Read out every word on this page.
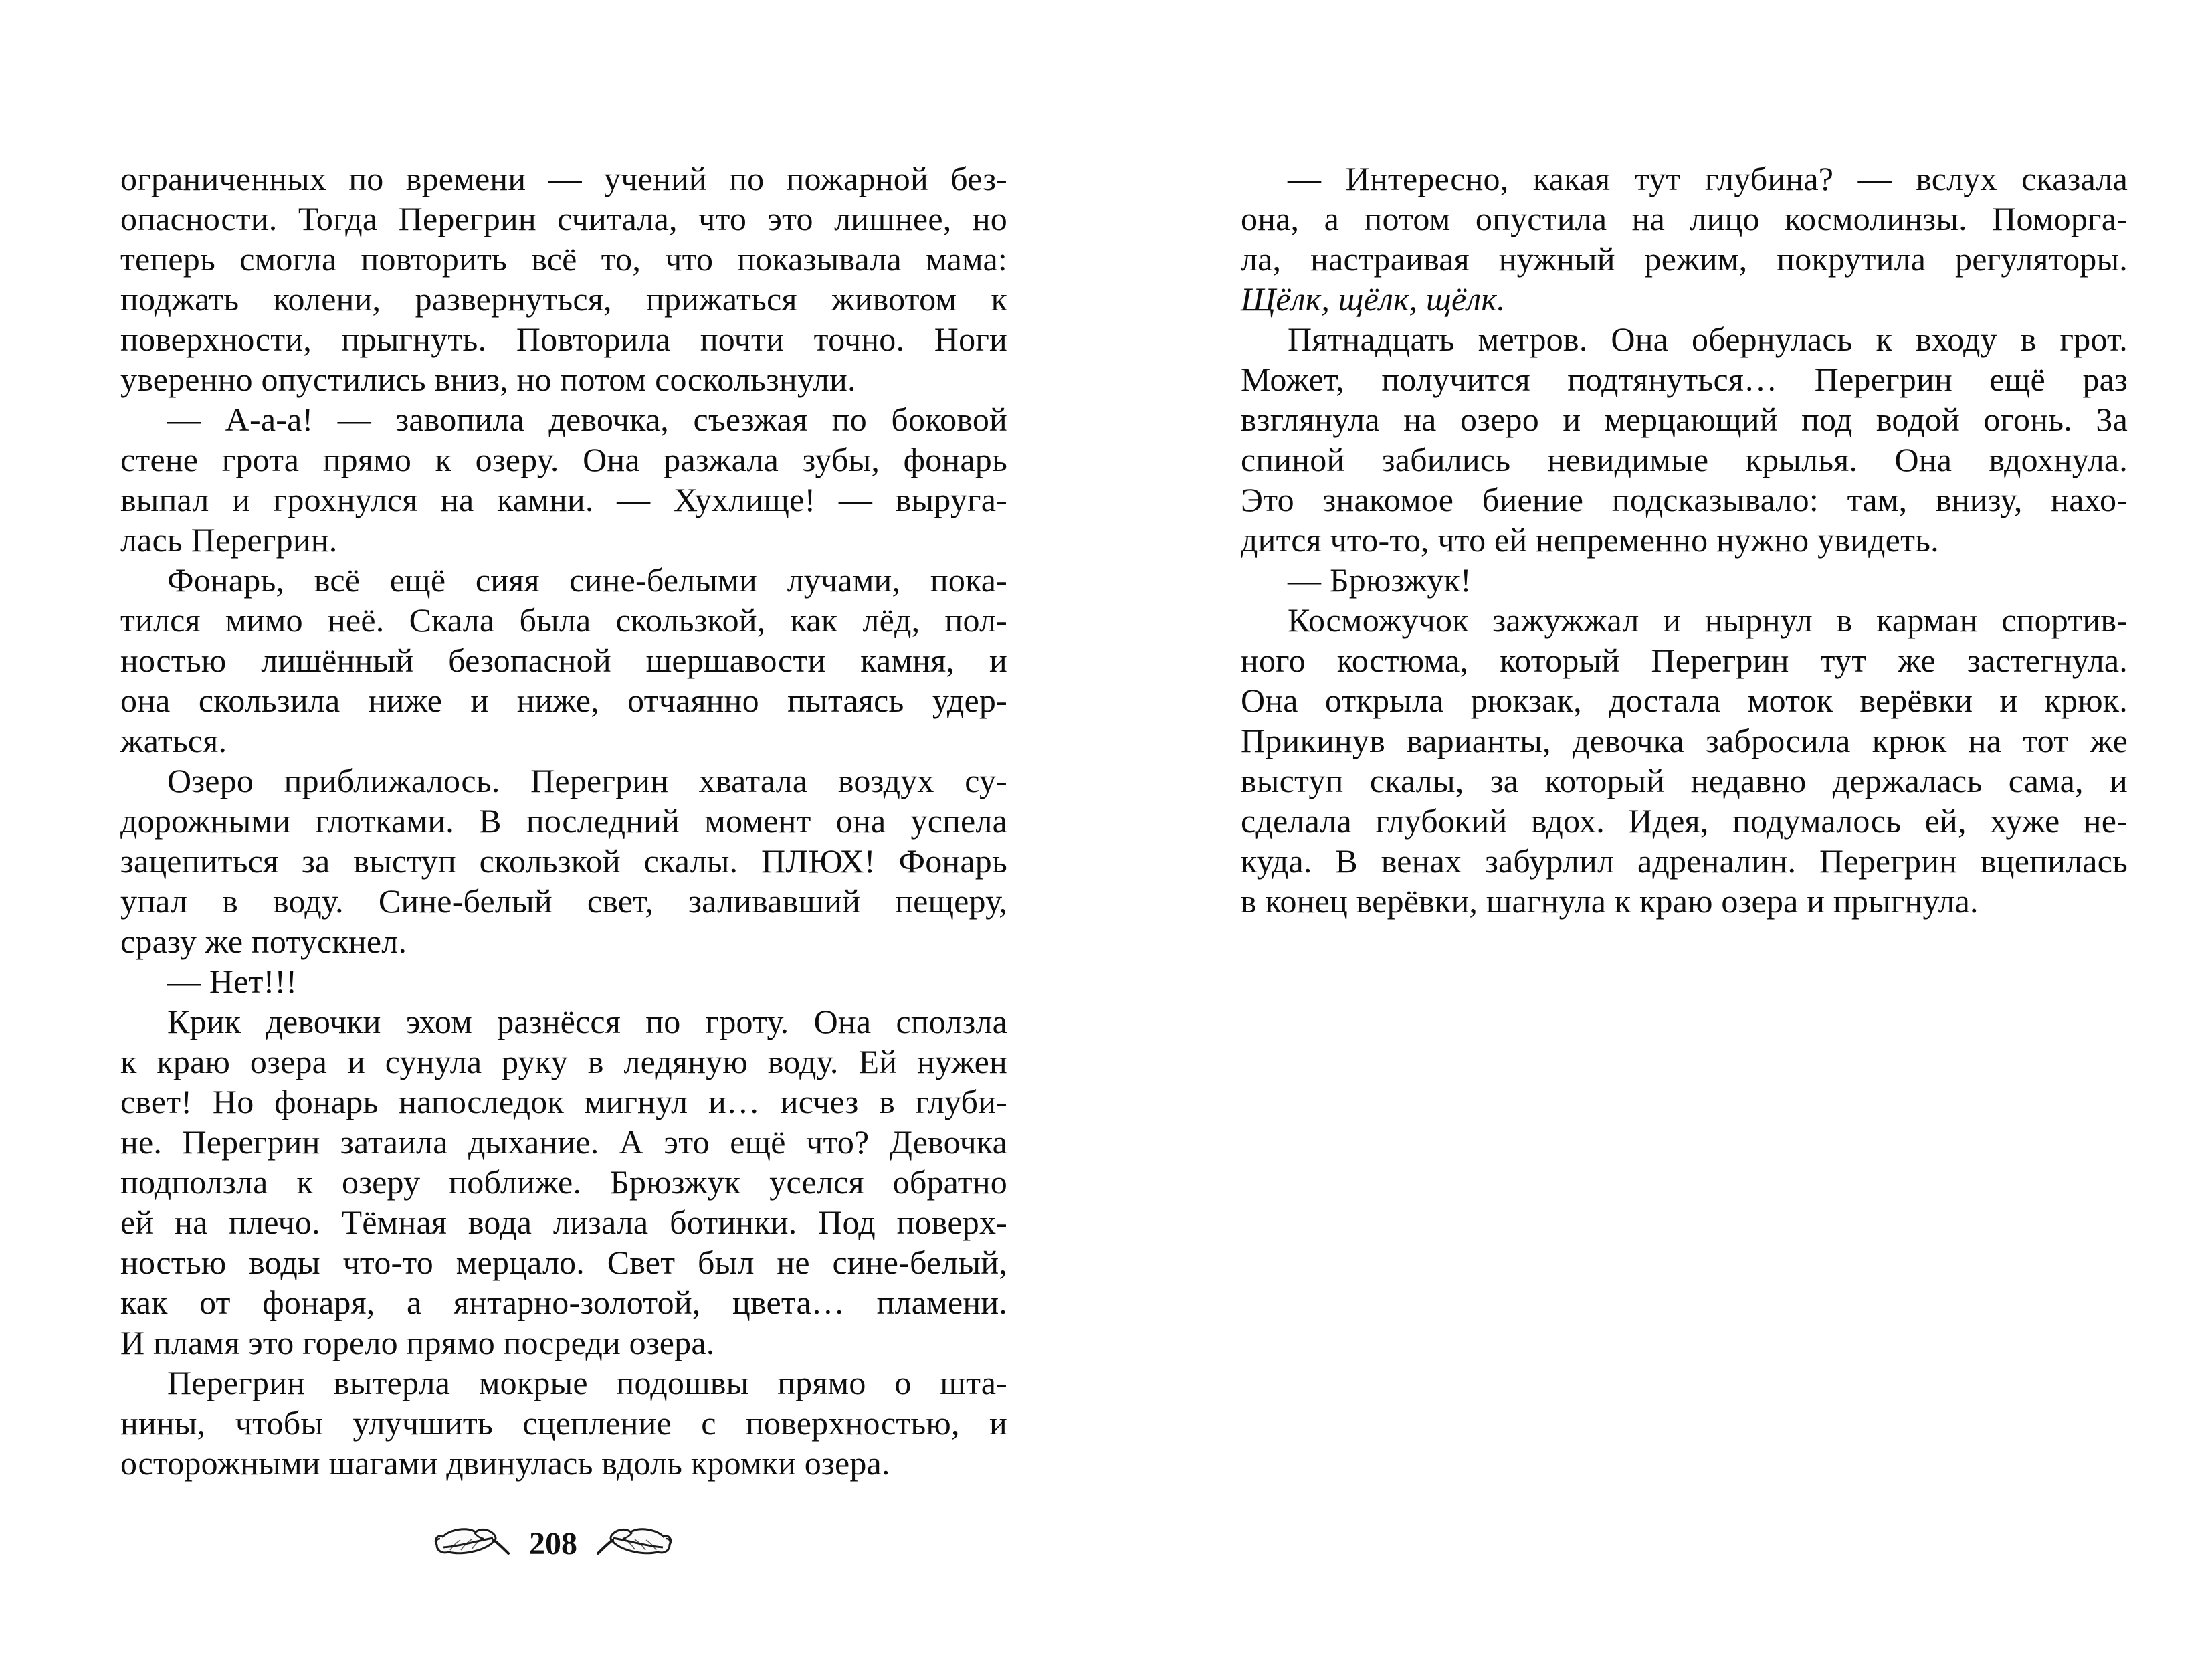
ограниченных по времени — учений по пожарной без-
опасности. Тогда Перегрин считала, что это лишнее, но
теперь смогла повторить всё то, что показывала мама:
поджать колени, развернуться, прижаться животом к
поверхности, прыгнуть. Повторила почти точно. Ноги
уверенно опустились вниз, но потом соскользнули.
— А-а-а! — завопила девочка, съезжая по боковой
стене грота прямо к озеру. Она разжала зубы, фонарь
выпал и грохнулся на камни. — Хухлище! — выруга-
лась Перегрин.
Фонарь, всё ещё сияя сине-белыми лучами, пока-
тился мимо неё. Скала была скользкой, как лёд, пол-
ностью лишённый безопасной шершавости камня, и
она скользила ниже и ниже, отчаянно пытаясь удер-
жаться.
Озеро приближалось. Перегрин хватала воздух су-
дорожными глотками. В последний момент она успела
зацепиться за выступ скользкой скалы. ПЛЮХ! Фонарь
упал в воду. Сине-белый свет, заливавший пещеру,
сразу же потускнел.
— Нет!!!
Крик девочки эхом разнёсся по гроту. Она сползла
к краю озера и сунула руку в ледяную воду. Ей нужен
свет! Но фонарь напоследок мигнул и… исчез в глуби-
не. Перегрин затаила дыхание. А это ещё что? Девочка
подползла к озеру поближе. Брюзжук уселся обратно
ей на плечо. Тёмная вода лизала ботинки. Под поверх-
ностью воды что-то мерцало. Свет был не сине-белый,
как от фонаря, а янтарно-золотой, цвета… пламени.
И пламя это горело прямо посреди озера.
Перегрин вытерла мокрые подошвы прямо о шта-
нины, чтобы улучшить сцепление с поверхностью, и
осторожными шагами двинулась вдоль кромки озера.
208
— Интересно, какая тут глубина? — вслух сказала
она, а потом опустила на лицо космолинзы. Поморга-
ла, настраивая нужный режим, покрутила регуляторы.
Щёлк, щёлк, щёлк.
Пятнадцать метров. Она обернулась к входу в грот.
Может, получится подтянуться… Перегрин ещё раз
взглянула на озеро и мерцающий под водой огонь. За
спиной забились невидимые крылья. Она вдохнула.
Это знакомое биение подсказывало: там, внизу, нахо-
дится что-то, что ей непременно нужно увидеть.
— Брюзжук!
Косможучок зажужжал и нырнул в карман спортив-
ного костюма, который Перегрин тут же застегнула.
Она открыла рюкзак, достала моток верёвки и крюк.
Прикинув варианты, девочка забросила крюк на тот же
выступ скалы, за который недавно держалась сама, и
сделала глубокий вдох. Идея, подумалось ей, хуже не-
куда. В венах забурлил адреналин. Перегрин вцепилась
в конец верёвки, шагнула к краю озера и прыгнула.
